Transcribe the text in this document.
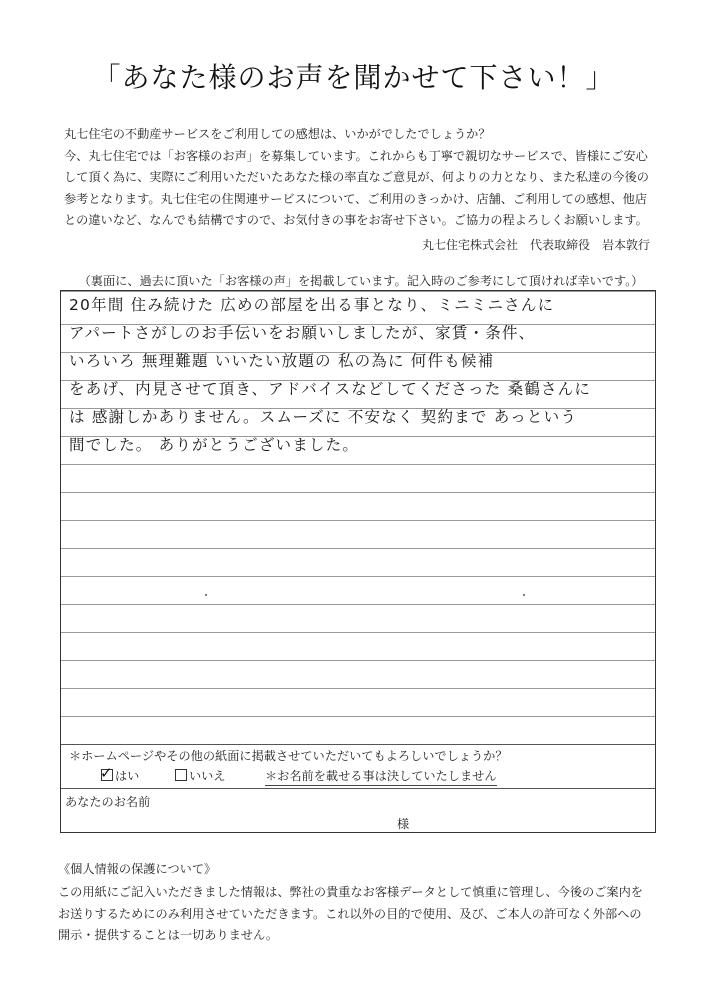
「あなた様のお声を聞かせて下さい！」

丸七住宅の不動産サービスをご利用しての感想は、いかがでしたでしょうか？

今、丸七住宅では「お客様のお声」を募集しています。これからも丁寧で親切なサービスで、皆様にご安心

して頂く為に、実際にご利用いただいたあなた様の率直なご意見が、何よりの力となり、また私達の今後の

参考となります。丸七住宅の住関連サービスについて、ご利用のきっかけ、店舗、ご利用しての感想、他店

との違いなど、なんでも結構ですので、お気付きの事をお寄せ下さい。ご協力の程よろしくお願いします。

丸七住宅株式会社　代表取締役　岩本敦行
（裏面に、過去に頂いた「お客様の声」を掲載しています。記入時のご参考にして頂ければ幸いです。）
20年間 住み続けた 広めの部屋を出る事となり、ミニミニさんに
アパートさがしのお手伝いをお願いしましたが、家賃・条件、
いろいろ 無理難題 いいたい放題の 私の為に 何件も候補
をあげ、内見させて頂き、アドバイスなどしてくださった 桑鶴さんに
は 感謝しかありません。スムーズに 不安なく 契約まで あっという
間でした。 ありがとうございました。
＊ホームページやその他の紙面に掲載させていただいてもよろしいでしょうか？
✓ はい	いいえ	＊お名前を載せる事は決していたしません
あなたのお名前
様
《個人情報の保護について》

この用紙にご記入いただきました情報は、弊社の貴重なお客様データとして慎重に管理し、今後のご案内を

お送りするためにのみ利用させていただきます。これ以外の目的で使用、及び、ご本人の許可なく外部への

開示・提供することは一切ありません。
